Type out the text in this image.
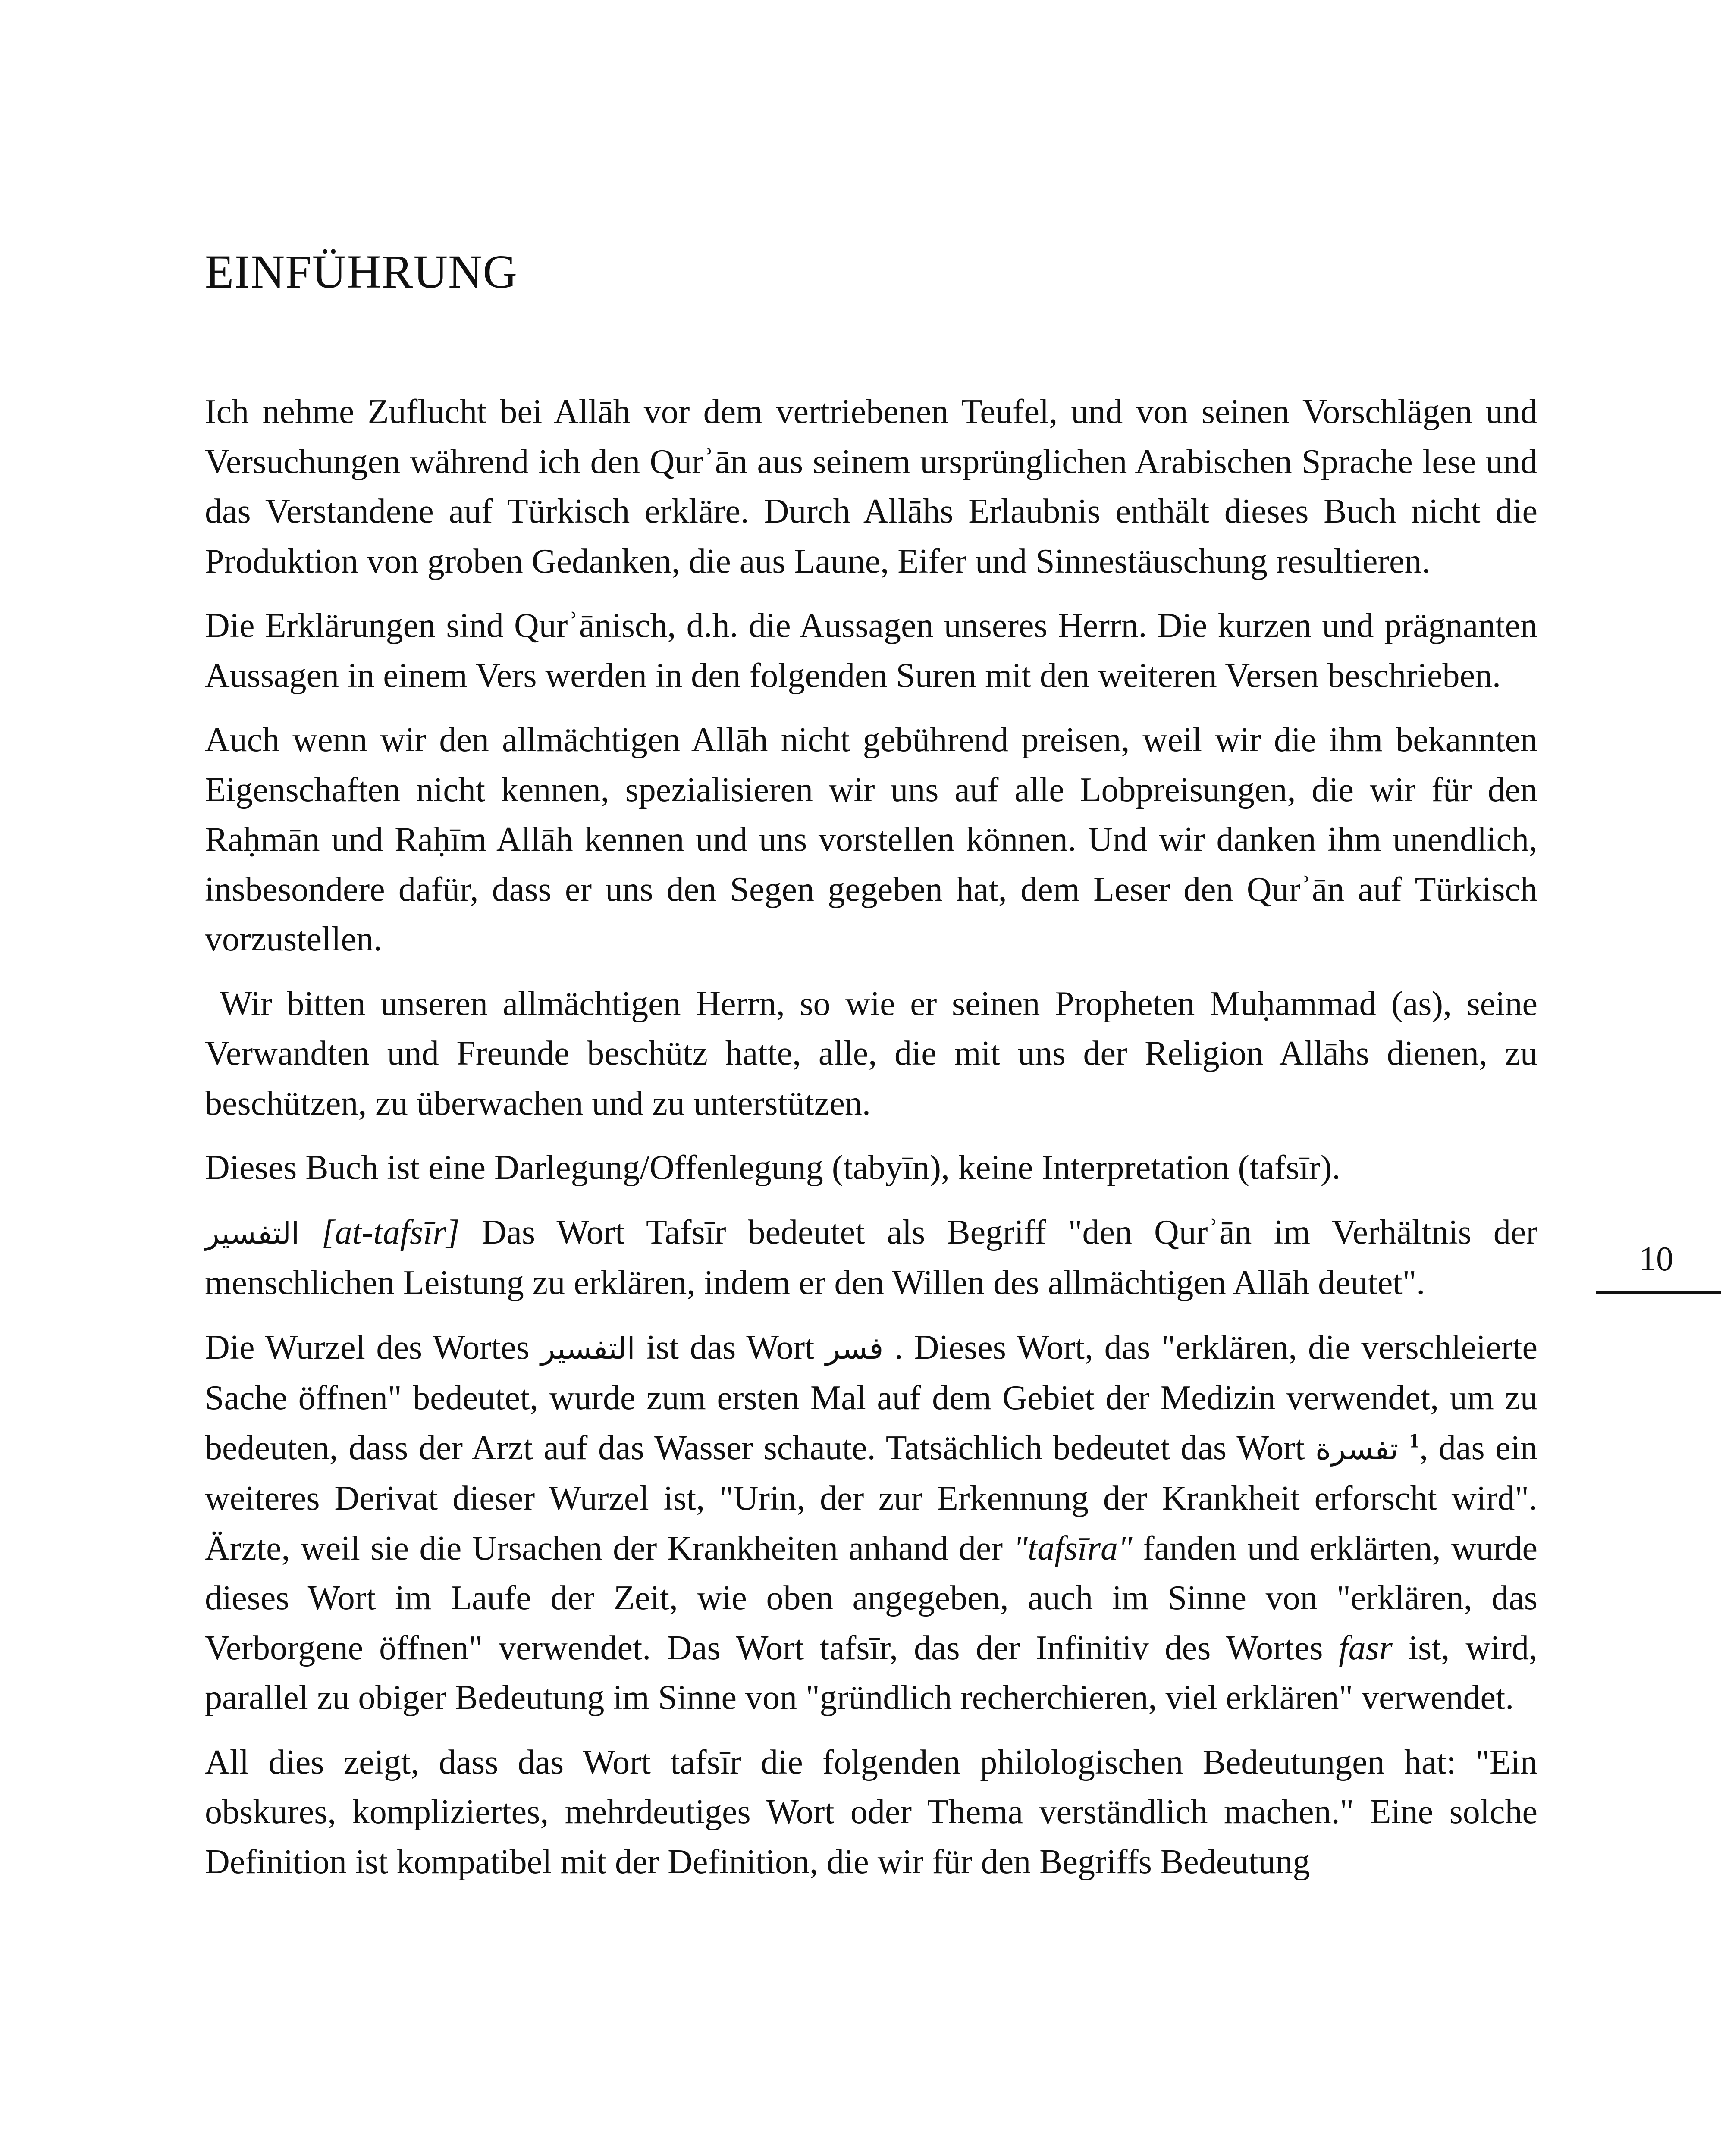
EINFÜHRUNG

Ich nehme Zuflucht bei Allāh vor dem vertriebenen Teufel, und von seinen Vorschlägen und Versuchungen während ich den Qurʾān aus seinem ursprünglichen Arabischen Sprache lese und das Verstandene auf Türkisch erkläre. Durch Allāhs Erlaubnis enthält dieses Buch nicht die Produktion von groben Gedanken, die aus Laune, Eifer und Sinnestäuschung resultieren.

Die Erklärungen sind Qurʾānisch, d.h. die Aussagen unseres Herrn. Die kurzen und prägnanten Aussagen in einem Vers werden in den folgenden Suren mit den weiteren Versen beschrieben.

Auch wenn wir den allmächtigen Allāh nicht gebührend preisen, weil wir die ihm bekannten Eigenschaften nicht kennen, spezialisieren wir uns auf alle Lobpreisungen, die wir für den Raḥmān und Raḥīm Allāh kennen und uns vorstellen können. Und wir danken ihm unendlich, insbesondere dafür, dass er uns den Segen gegeben hat, dem Leser den Qurʾān auf Türkisch vorzustellen.

Wir bitten unseren allmächtigen Herrn, so wie er seinen Propheten Muḥammad (as), seine Verwandten und Freunde beschütz hatte, alle, die mit uns der Religion Allāhs dienen, zu beschützen, zu überwachen und zu unterstützen.

Dieses Buch ist eine Darlegung/Offenlegung (tabyīn), keine Interpretation (tafsīr).

التفسير [at-tafsīr] Das Wort Tafsīr bedeutet als Begriff "den Qurʾān im Verhältnis der menschlichen Leistung zu erklären, indem er den Willen des allmächtigen Allāh deutet".

Die Wurzel des Wortes التفسير ist das Wort فسر . Dieses Wort, das "erklären, die verschleierte Sache öffnen" bedeutet, wurde zum ersten Mal auf dem Gebiet der Medizin verwendet, um zu bedeuten, dass der Arzt auf das Wasser schaute. Tatsächlich bedeutet das Wort تفسرة $^1$, das ein weiteres Derivat dieser Wurzel ist, "Urin, der zur Erkennung der Krankheit erforscht wird". Ärzte, weil sie die Ursachen der Krankheiten anhand der "tafsīra" fanden und erklärten, wurde dieses Wort im Laufe der Zeit, wie oben angegeben, auch im Sinne von "erklären, das Verborgene öffnen" verwendet. Das Wort tafsīr, das der Infinitiv des Wortes fasr ist, wird, parallel zu obiger Bedeutung im Sinne von "gründlich recherchieren, viel erklären" verwendet.

All dies zeigt, dass das Wort tafsīr die folgenden philologischen Bedeutungen hat: "Ein obskures, kompliziertes, mehrdeutiges Wort oder Thema verständlich machen." Eine solche Definition ist kompatibel mit der Definition, die wir für den Begriffs Bedeutung

10
